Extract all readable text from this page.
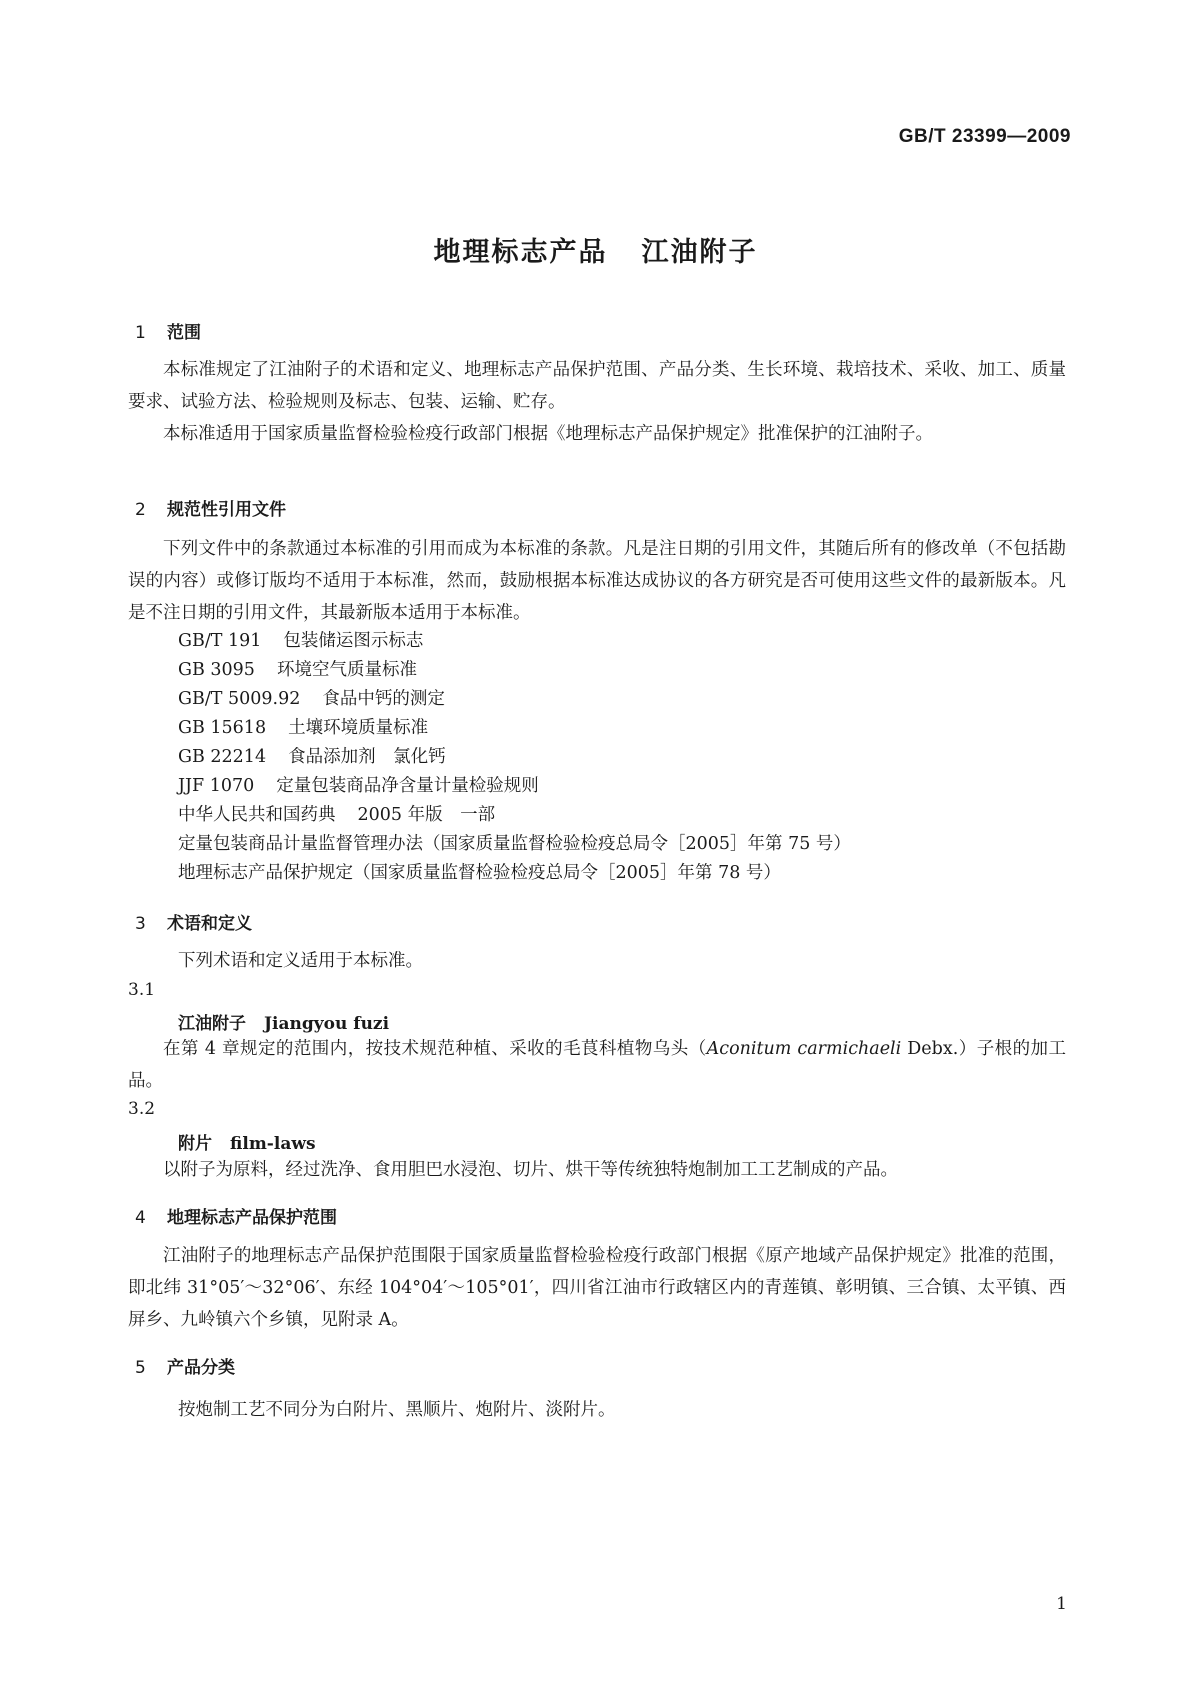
GB/T 23399—2009
地理标志产品 江油附子
1 范围
本标准规定了江油附子的术语和定义、地理标志产品保护范围、产品分类、生长环境、栽培技术、采收、加工、质量要求、试验方法、检验规则及标志、包装、运输、贮存。
本标准适用于国家质量监督检验检疫行政部门根据《地理标志产品保护规定》批准保护的江油附子。
2 规范性引用文件
下列文件中的条款通过本标准的引用而成为本标准的条款。凡是注日期的引用文件，其随后所有的修改单（不包括勘误的内容）或修订版均不适用于本标准，然而，鼓励根据本标准达成协议的各方研究是否可使用这些文件的最新版本。凡是不注日期的引用文件，其最新版本适用于本标准。
GB/T 191 包装储运图示标志
GB 3095 环境空气质量标准
GB/T 5009.92 食品中钙的测定
GB 15618 土壤环境质量标准
GB 22214 食品添加剂　氯化钙
JJF 1070 定量包装商品净含量计量检验规则
中华人民共和国药典 2005 年版　一部
定量包装商品计量监督管理办法（国家质量监督检验检疫总局令［2005］年第 75 号）
地理标志产品保护规定（国家质量监督检验检疫总局令［2005］年第 78 号）
3 术语和定义
下列术语和定义适用于本标准。
3.1
江油附子 Jiangyou fuzi
在第 4 章规定的范围内，按技术规范种植、采收的毛茛科植物乌头（Aconitum carmichaeli Debx.）子根的加工品。
3.2
附片 film-laws
以附子为原料，经过洗净、食用胆巴水浸泡、切片、烘干等传统独特炮制加工工艺制成的产品。
4 地理标志产品保护范围
江油附子的地理标志产品保护范围限于国家质量监督检验检疫行政部门根据《原产地域产品保护规定》批准的范围，即北纬 31°05′～32°06′、东经 104°04′～105°01′，四川省江油市行政辖区内的青莲镇、彰明镇、三合镇、太平镇、西屏乡、九岭镇六个乡镇，见附录 A。
5 产品分类
按炮制工艺不同分为白附片、黑顺片、炮附片、淡附片。
1
